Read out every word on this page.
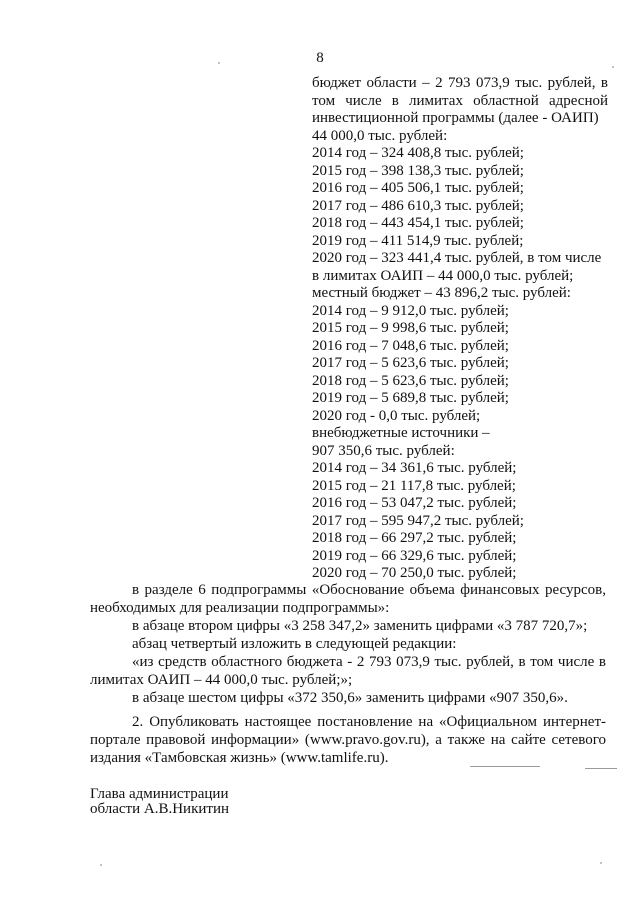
8
бюджет области – 2 793 073,9 тыс. рублей, в
том числе в лимитах областной адресной
инвестиционной программы (далее - ОАИП)
44 000,0 тыс. рублей:
2014 год – 324 408,8 тыс. рублей;
2015 год – 398 138,3 тыс. рублей;
2016 год – 405 506,1 тыс. рублей;
2017 год – 486 610,3 тыс. рублей;
2018 год – 443 454,1 тыс. рублей;
2019 год – 411 514,9 тыс. рублей;
2020 год – 323 441,4 тыс. рублей, в том числе
в лимитах ОАИП – 44 000,0 тыс. рублей;
местный бюджет – 43 896,2 тыс. рублей:
2014 год – 9 912,0 тыс. рублей;
2015 год – 9 998,6 тыс. рублей;
2016 год – 7 048,6 тыс. рублей;
2017 год – 5 623,6 тыс. рублей;
2018 год – 5 623,6 тыс. рублей;
2019 год – 5 689,8 тыс. рублей;
2020 год - 0,0 тыс. рублей;
внебюджетные источники –
907 350,6 тыс. рублей:
2014 год – 34 361,6 тыс. рублей;
2015 год – 21 117,8 тыс. рублей;
2016 год – 53 047,2 тыс. рублей;
2017 год – 595 947,2 тыс. рублей;
2018 год – 66 297,2 тыс. рублей;
2019 год – 66 329,6 тыс. рублей;
2020 год – 70 250,0 тыс. рублей;

в разделе 6 подпрограммы «Обоснование объема финансовых ресурсов, необходимых для реализации подпрограммы»:

в абзаце втором цифры «3 258 347,2» заменить цифрами «3 787 720,7»;

абзац четвертый изложить в следующей редакции:

«из средств областного бюджета - 2 793 073,9 тыс. рублей, в том числе в лимитах ОАИП – 44 000,0 тыс. рублей;»;

в абзаце шестом цифры «372 350,6» заменить цифрами «907 350,6».

2. Опубликовать настоящее постановление на «Официальном интернет-портале правовой информации» (www.pravo.gov.ru), а также на сайте сетевого издания «Тамбовская жизнь» (www.tamlife.ru).

Глава администрации
области А.В.Никитин
